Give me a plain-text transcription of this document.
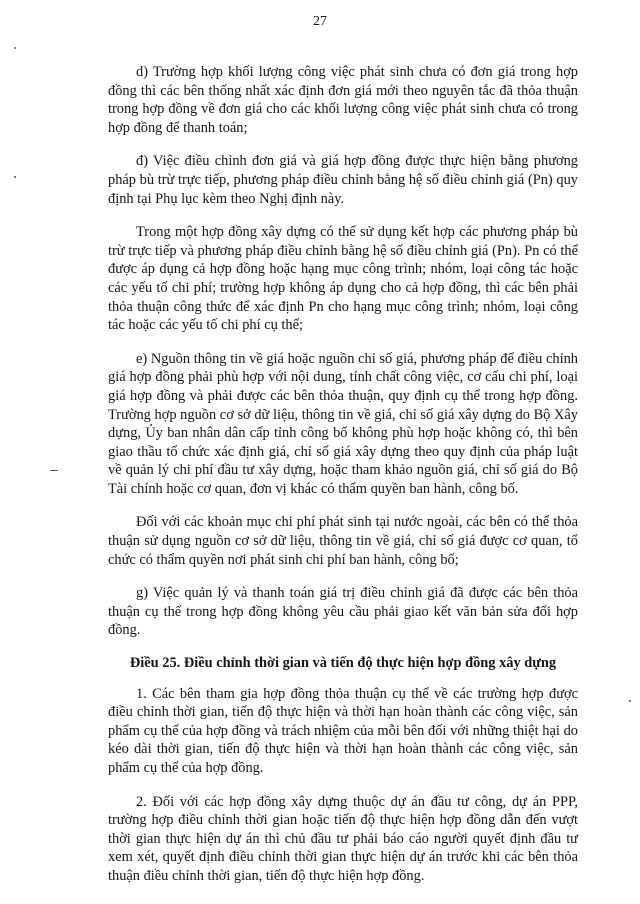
27

d) Trường hợp khối lượng công việc phát sinh chưa có đơn giá trong hợp đồng thì các bên thống nhất xác định đơn giá mới theo nguyên tắc đã thỏa thuận trong hợp đồng về đơn giá cho các khối lượng công việc phát sinh chưa có trong hợp đồng để thanh toán;

đ) Việc điều chỉnh đơn giá và giá hợp đồng được thực hiện bằng phương pháp bù trừ trực tiếp, phương pháp điều chỉnh bằng hệ số điều chỉnh giá (Pn) quy định tại Phụ lục kèm theo Nghị định này.

Trong một hợp đồng xây dựng có thể sử dụng kết hợp các phương pháp bù trừ trực tiếp và phương pháp điều chỉnh bằng hệ số điều chỉnh giá (Pn). Pn có thể được áp dụng cả hợp đồng hoặc hạng mục công trình; nhóm, loại công tác hoặc các yếu tố chi phí; trường hợp không áp dụng cho cả hợp đồng, thì các bên phải thỏa thuận công thức để xác định Pn cho hạng mục công trình; nhóm, loại công tác hoặc các yếu tố chi phí cụ thể;

e) Nguồn thông tin về giá hoặc nguồn chỉ số giá, phương pháp để điều chỉnh giá hợp đồng phải phù hợp với nội dung, tính chất công việc, cơ cấu chi phí, loại giá hợp đồng và phải được các bên thỏa thuận, quy định cụ thể trong hợp đồng. Trường hợp nguồn cơ sở dữ liệu, thông tin về giá, chỉ số giá xây dựng do Bộ Xây dựng, Ủy ban nhân dân cấp tỉnh công bố không phù hợp hoặc không có, thì bên giao thầu tổ chức xác định giá, chỉ số giá xây dựng theo quy định của pháp luật về quản lý chi phí đầu tư xây dựng, hoặc tham khảo nguồn giá, chỉ số giá do Bộ Tài chính hoặc cơ quan, đơn vị khác có thẩm quyền ban hành, công bố.

Đối với các khoản mục chi phí phát sinh tại nước ngoài, các bên có thể thỏa thuận sử dụng nguồn cơ sở dữ liệu, thông tin về giá, chỉ số giá được cơ quan, tổ chức có thẩm quyền nơi phát sinh chi phí ban hành, công bố;

g) Việc quản lý và thanh toán giá trị điều chỉnh giá đã được các bên thỏa thuận cụ thể trong hợp đồng không yêu cầu phải giao kết văn bản sửa đổi hợp đồng.

Điều 25. Điều chỉnh thời gian và tiến độ thực hiện hợp đồng xây dựng

1. Các bên tham gia hợp đồng thỏa thuận cụ thể về các trường hợp được điều chỉnh thời gian, tiến độ thực hiện và thời hạn hoàn thành các công việc, sản phẩm cụ thể của hợp đồng và trách nhiệm của mỗi bên đối với những thiệt hại do kéo dài thời gian, tiến độ thực hiện và thời hạn hoàn thành các công việc, sản phẩm cụ thể của hợp đồng.

2. Đối với các hợp đồng xây dựng thuộc dự án đầu tư công, dự án PPP, trường hợp điều chỉnh thời gian hoặc tiến độ thực hiện hợp đồng dẫn đến vượt thời gian thực hiện dự án thì chủ đầu tư phải báo cáo người quyết định đầu tư xem xét, quyết định điều chỉnh thời gian thực hiện dự án trước khi các bên thỏa thuận điều chỉnh thời gian, tiến độ thực hiện hợp đồng.
